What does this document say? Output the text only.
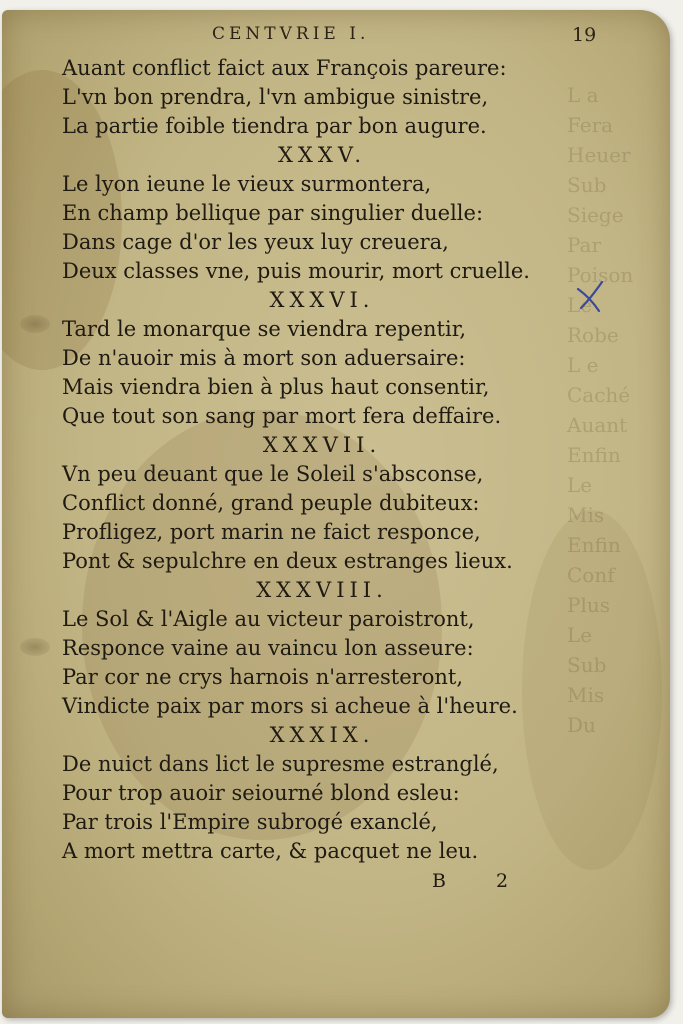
L a
Fera
Heuer
Sub
Siege
Par
Poison
Le
Robe
L e
Caché
Auant
Enfin
Le
Mis
Enfin
Conf
Plus
Le
Sub
Mis
Du
CENTVRIE I.	19
Auant conflict faict aux François pareure:
L'vn bon prendra, l'vn ambigue sinistre,
La partie foible tiendra par bon augure.
XXXV.
Le lyon ieune le vieux surmontera,
En champ bellique par singulier duelle:
Dans cage d'or les yeux luy creuera,
Deux classes vne, puis mourir, mort cruelle.
XXXVI.
Tard le monarque se viendra repentir,
De n'auoir mis à mort son aduersaire:
Mais viendra bien à plus haut consentir,
Que tout son sang par mort fera deffaire.
XXXVII.
Vn peu deuant que le Soleil s'absconse,
Conflict donné, grand peuple dubiteux:
Profligez, port marin ne faict responce,
Pont & sepulchre en deux estranges lieux.
XXXVIII.
Le Sol & l'Aigle au victeur paroistront,
Responce vaine au vaincu lon asseure:
Par cor ne crys harnois n'arresteront,
Vindicte paix par mors si acheue à l'heure.
XXXIX.
De nuict dans lict le supresme estranglé,
Pour trop auoir seiourné blond esleu:
Par trois l'Empire subrogé exanclé,
A mort mettra carte, & pacquet ne leu.
B 2
